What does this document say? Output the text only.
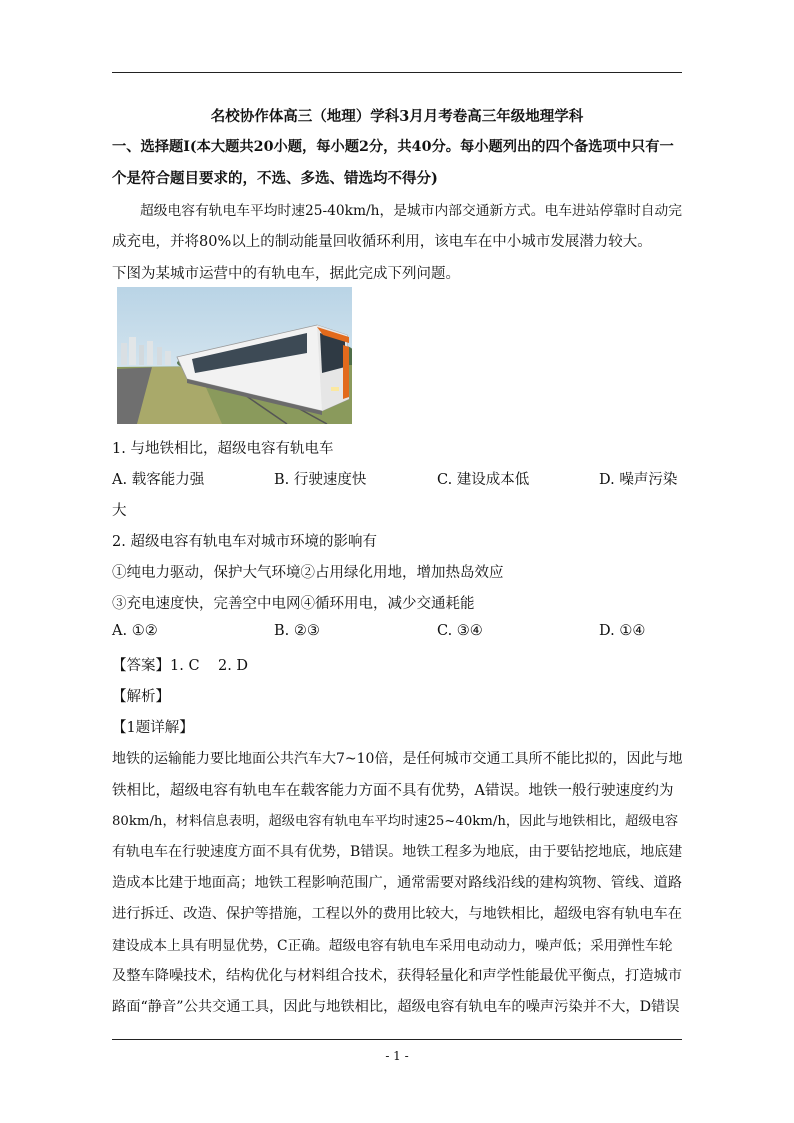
名校协作体高三（地理）学科3月月考卷高三年级地理学科
一、选择题Ⅰ(本大题共20小题，每小题2分，共40分。每小题列出的四个备选项中只有一
个是符合题目要求的，不选、多选、错选均不得分)
超级电容有轨电车平均时速25-40km/h，是城市内部交通新方式。电车进站停靠时自动完
成充电，并将80%以上的制动能量回收循环利用，该电车在中小城市发展潜力较大。
下图为某城市运营中的有轨电车，据此完成下列问题。
1. 与地铁相比，超级电容有轨电车
A. 载客能力强	B. 行驶速度快	C. 建设成本低	D. 噪声污染
大
2. 超级电容有轨电车对城市环境的影响有
①纯电力驱动，保护大气环境②占用绿化用地，增加热岛效应
③充电速度快，完善空中电网④循环用电，减少交通耗能
A. ①②	B. ②③	C. ③④	D. ①④
【答案】1. C    2. D
【解析】
【1题详解】
地铁的运输能力要比地面公共汽车大7~10倍，是任何城市交通工具所不能比拟的，因此与地
铁相比，超级电容有轨电车在载客能力方面不具有优势，A错误。地铁一般行驶速度约为
80km/h，材料信息表明，超级电容有轨电车平均时速25~40km/h，因此与地铁相比，超级电容
有轨电车在行驶速度方面不具有优势，B错误。地铁工程多为地底，由于要钻挖地底，地底建
造成本比建于地面高；地铁工程影响范围广，通常需要对路线沿线的建构筑物、管线、道路
进行拆迁、改造、保护等措施，工程以外的费用比较大，与地铁相比，超级电容有轨电车在
建设成本上具有明显优势，C正确。超级电容有轨电车采用电动动力，噪声低；采用弹性车轮
及整车降噪技术，结构优化与材料组合技术，获得轻量化和声学性能最优平衡点，打造城市
路面“静音”公共交通工具，因此与地铁相比，超级电容有轨电车的噪声污染并不大，D错误
- 1 -
